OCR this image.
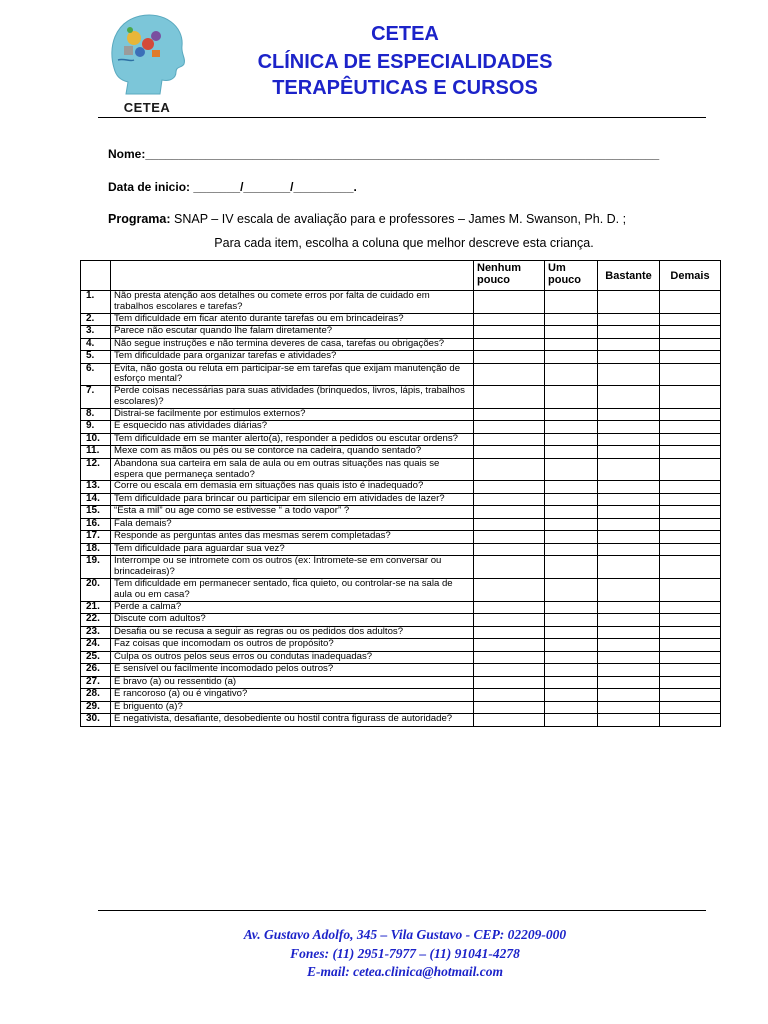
CETEA
CETEA
CLÍNICA DE ESPECIALIDADES
TERAPÊUTICAS E CURSOS
Nome:_____________________________________________________________________________
Data de inicio: _______/_______/_________.
Programa: SNAP – IV escala de avaliação para e professores – James M. Swanson, Ph. D. ;
Para cada item, escolha a coluna que melhor descreve esta criança.
		Nenhum pouco	Um pouco	Bastante	Demais
1.	Não presta atenção aos detalhes ou comete erros por falta de cuidado em trabalhos escolares e tarefas?				
2.	Tem dificuldade em ficar atento durante tarefas ou em brincadeiras?				
3.	Parece não escutar quando lhe falam diretamente?				
4.	Não segue instruções e não termina deveres de casa, tarefas ou obrigações?				
5.	Tem dificuldade para organizar tarefas e atividades?				
6.	Evita, não gosta ou reluta em participar-se em tarefas que exijam manutenção de esforço mental?				
7.	Perde coisas necessárias para suas atividades (brinquedos, livros, lápis, trabalhos escolares)?				
8.	Distrai-se facilmente por estimulos externos?				
9.	É esquecido nas atividades diárias?				
10.	Tem dificuldade em se manter alerto(a), responder a pedidos ou escutar ordens?				
11.	Mexe com as mãos ou pés ou se contorce na cadeira, quando sentado?				
12.	Abandona sua carteira em sala de aula ou em outras situações nas quais se espera que permaneça sentado?				
13.	Corre ou escala em demasia em situações nas quais isto é inadequado?				
14.	Tem dificuldade para brincar ou participar em silencio em atividades de lazer?				
15.	“Esta a mil” ou age como se estivesse “ a todo vapor” ?				
16.	Fala demais?				
17.	Responde as perguntas antes das mesmas serem completadas?				
18.	Tem dificuldade para aguardar sua vez?				
19.	Interrompe ou se intromete com os outros (ex: Intromete-se em conversar ou brincadeiras)?				
20.	Tem dificuldade em permanecer sentado, fica quieto, ou controlar-se na sala de aula ou em casa?				
21.	Perde a calma?				
22.	Discute com adultos?				
23.	Desafia ou se recusa a seguir as regras ou os pedidos dos adultos?				
24.	Faz coisas que incomodam os outros de propósito?				
25.	Culpa os outros pelos seus erros ou condutas inadequadas?				
26.	É sensível ou facilmente incomodado pelos outros?				
27.	É bravo (a) ou ressentido (a)				
28.	É rancoroso (a) ou é vingativo?				
29.	É briguento (a)?				
30.	É negativista, desafiante, desobediente ou hostil contra figurass de autoridade?				
Av. Gustavo Adolfo, 345 – Vila Gustavo - CEP: 02209-000
Fones: (11) 2951-7977 – (11) 91041-4278
E-mail: cetea.clinica@hotmail.com
